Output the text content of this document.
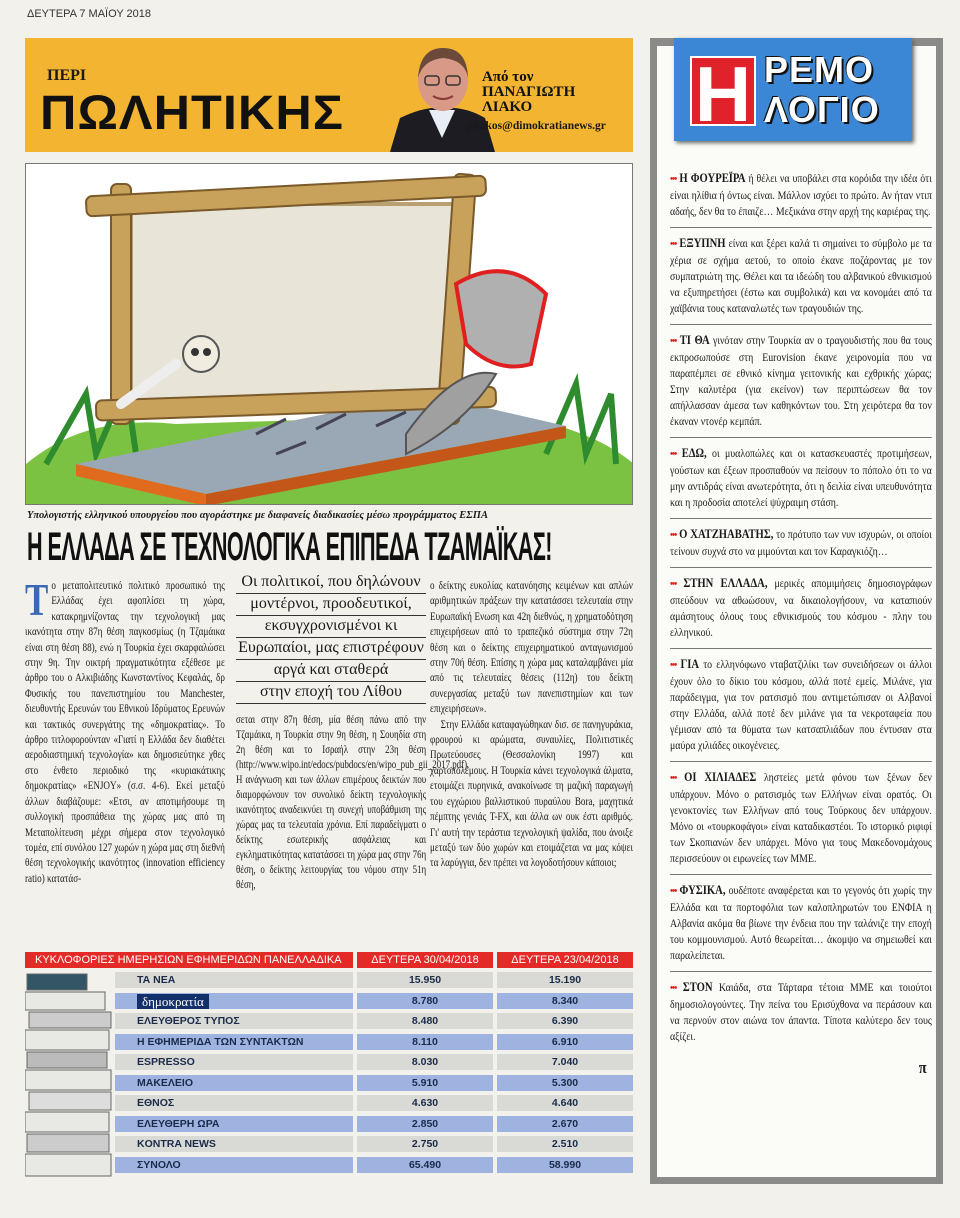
ΔΕΥΤΕΡΑ 7 ΜΑΪΟΥ 2018
ΠΕΡΙ
ΠΩΛΗΤΙΚΗΣ
Από τον
ΠΑΝΑΓΙΩΤΗ
ΛΙΑΚΟ
pliakos@dimokratianews.gr
Υπολογιστής ελληνικού υπουργείου που αγοράστηκε με διαφανείς διαδικασίες μέσω προγράμματος ΕΣΠΑ
Η ΕΛΛΑΔΑ ΣΕ ΤΕΧΝΟΛΟΓΙΚΑ ΕΠΙΠΕΔΑ ΤΖΑΜΑΪΚΑΣ!
Το μεταπολιτευτικό πολιτικό προσωπικό της Ελλάδας έχει αφοπλίσει τη χώρα, κατακρημνίζοντας την τεχνολογική μας ικανότητα στην 87η θέση παγκοσμίως (η Τζαμάικα είναι στη θέση 88), ενώ η Τουρκία έχει σκαρφαλώσει στην 9η. Την οικτρή πραγματικότητα εξέθεσε με άρθρο του ο Αλκιβιάδης Κωνσταντίνος Κεφαλάς, δρ Φυσικής του πανεπιστημίου του Manchester, διευθυντής Ερευνών του Εθνικού Ιδρύματος Ερευνών και τακτικός συνεργάτης της «δημοκρατίας». Το άρθρο τιτλοφορούνταν «Γιατί η Ελλάδα δεν διαθέτει αεροδιαστημική τεχνολογία» και δημοσιεύτηκε χθες στο ένθετο περιοδικό της «κυριακάτικης δημοκρατίας» «ENJOY» (σ.σ. 4-6). Εκεί μεταξύ άλλων διαβάζουμε: «Ετσι, αν αποτιμήσουμε τη συλλογική προσπάθεια της χώρας μας από τη Μεταπολίτευση μέχρι σήμερα στον τεχνολογικό τομέα, επί συνόλου 127 χωρών η χώρα μας στη διεθνή θέση τεχνολογικής ικανότητος (innovation efficiency ratio) κατατάσ-
Οι πολιτικοί, που δηλώνουν
μοντέρνοι, προοδευτικοί,
εκσυγχρονισμένοι κι
Ευρωπαίοι, μας επιστρέφουν
αργά και σταθερά
στην εποχή του Λίθου
σεται στην 87η θέση, μία θέση πάνω από την Τζαμάικα, η Τουρκία στην 9η θέση, η Σουηδία στη 2η θέση και το Ισραήλ στην 23η θέση (http://www.wipo.int/edocs/pubdocs/en/wipo_pub_gii_2017.pdf). Η ανάγνωση και των άλλων επιμέρους δεικτών που διαμορφώνουν τον συνολικό δείκτη τεχνολογικής ικανότητος αναδεικνύει τη συνεχή υποβάθμιση της χώρας μας τα τελευταία χρόνια. Επί παραδείγματι ο δείκτης εσωτερικής ασφάλειας και εγκληματικότητας κατατάσσει τη χώρα μας στην 76η θέση, ο δείκτης λειτουργίας του νόμου στην 51η θέση,

ο δείκτης ευκολίας κατανόησης κειμένων και απλών αριθμητικών πράξεων την κατατάσσει τελευταία στην Ευρωπαϊκή Ενωση και 42η διεθνώς, η χρηματοδότηση επιχειρήσεων από το τραπεζικό σύστημα στην 72η θέση και ο δείκτης επιχειρηματικού ανταγωνισμού στην 70ή θέση. Επίσης η χώρα μας καταλαμβάνει μία από τις τελευταίες θέσεις (112η) του δείκτη συνεργασίας μεταξύ των πανεπιστημίων και των επιχειρήσεων».

Στην Ελλάδα καταφαγώθηκαν δισ. σε πανηγυράκια, φρουρού κι αρώματα, συναυλίες, Πολιτιστικές Πρωτεύουσες (Θεσσαλονίκη 1997) και χαρτοπολέμους. Η Τουρκία κάνει τεχνολογικά άλματα, ετοιμάζει πυρηνικά, ανακοίνωσε τη μαζική παραγωγή του εγχώριου βαλλιστικού πυραύλου Bora, μαχητικά πέμπτης γενιάς T-FX, και άλλα ων ουκ έστι αριθμός. Γι' αυτή την τεράστια τεχνολογική ψαλίδα, που άνοιξε μεταξύ των δύο χωρών και ετοιμάζεται να μας κόψει τα λαρύγγια, δεν πρέπει να λογοδοτήσουν κάποιοι;

ΚΥΚΛΟΦΟΡΙΕΣ ΗΜΕΡΗΣΙΩΝ ΕΦΗΜΕΡΙΔΩΝ ΠΑΝΕΛΛΑΔΙΚΑ	ΔΕΥΤΕΡΑ 30/04/2018	ΔΕΥΤΕΡΑ 23/04/2018
ΤΑ ΝΕΑ	15.950	15.190
δημοκρατία	8.780	8.340
ΕΛΕΥΘΕΡΟΣ ΤΥΠΟΣ	8.480	6.390
Η ΕΦΗΜΕΡΙΔΑ ΤΩΝ ΣΥΝΤΑΚΤΩΝ	8.110	6.910
ESPRESSO	8.030	7.040
ΜΑΚΕΛΕΙΟ	5.910	5.300
ΕΘΝΟΣ	4.630	4.640
ΕΛΕΥΘΕΡΗ ΩΡΑ	2.850	2.670
KONTRA NEWS	2.750	2.510
ΣΥΝΟΛΟ	65.490	58.990
Η ΡΕΜΟ
ΛΟΓΙΟ
••• Η ΦΟΥΡΕΪΡΑ ή θέλει να υποβάλει στα κορόιδα την ιδέα ότι είναι ηλίθια ή όντως είναι. Μάλλον ισχύει το πρώτο. Αν ήταν ντιπ αδαής, δεν θα το έπαιζε… Μεξικάνα στην αρχή της καριέρας της.
••• ΕΞΥΠΝΗ είναι και ξέρει καλά τι σημαίνει το σύμβολο με τα χέρια σε σχήμα αετού, το οποίο έκανε ποζάροντας με τον συμπατριώτη της. Θέλει και τα ιδεώδη του αλβανικού εθνικισμού να εξυπηρετήσει (έστω και συμβολικά) και να κονομάει από τα χαϊβάνια τους καταναλωτές των τραγουδιών της.
••• ΤΙ ΘΑ γινόταν στην Τουρκία αν ο τραγουδιστής που θα τους εκπροσωπούσε στη Eurovision έκανε χειρονομία που να παραπέμπει σε εθνικό κίνημα γειτονικής και εχθρικής χώρας; Στην καλυτέρα (για εκείνον) των περιπτώσεων θα τον απήλλασσαν άμεσα των καθηκόντων του. Στη χειρότερα θα τον έκαναν ντονέρ κεμπάπ.
••• ΕΔΩ, οι μυαλοπώλες και οι κατασκευαστές προτιμήσεων, γούστων και έξεων προσπαθούν να πείσουν το πόπολο ότι το να μην αντιδράς είναι ανωτερότητα, ότι η δειλία είναι υπευθυνότητα και η προδοσία αποτελεί ψύχραιμη στάση.
••• Ο ΧΑΤΖΗΑΒΑΤΗΣ, το πρότυπο των νυν ισχυρών, οι οποίοι τείνουν συχνά στο να μιμούνται και τον Καραγκιόζη…
••• ΣΤΗΝ ΕΛΛΑΔΑ, μερικές απομιμήσεις δημοσιογράφων σπεύδουν να αθωώσουν, να δικαιολογήσουν, να καταπιούν αμάσητους όλους τους εθνικισμούς του κόσμου - πλην του ελληνικού.
••• ΓΙΑ το ελληνόφωνο νταβατζιλίκι των συνειδήσεων οι άλλοι έχουν όλο το δίκιο του κόσμου, αλλά ποτέ εμείς. Μιλάνε, για παράδειγμα, για τον ρατσισμό που αντιμετώπισαν οι Αλβανοί στην Ελλάδα, αλλά ποτέ δεν μιλάνε για τα νεκροταφεία που γέμισαν από τα θύματα των κατσαπλιάδων που έντυσαν στα μαύρα χιλιάδες οικογένειες.
••• ΟΙ ΧΙΛΙΑΔΕΣ ληστείες μετά φόνου των ξένων δεν υπάρχουν. Μόνο ο ρατσισμός των Ελλήνων είναι ορατός. Οι γενοκτονίες των Ελλήνων από τους Τούρκους δεν υπάρχουν. Μόνο οι «τουρκοφάγοι» είναι καταδικαστέοι. Το ιστορικό ριφιφί των Σκοπιανών δεν υπάρχει. Μόνο για τους Μακεδονομάχους περισσεύουν οι ειρωνείες των ΜΜΕ.
••• ΦΥΣΙΚΑ, ουδέποτε αναφέρεται και το γεγονός ότι χωρίς την Ελλάδα και τα πορτοφόλια των καλοπληρωτών του ΕΝΦΙΑ η Αλβανία ακόμα θα βίωνε την ένδεια που την ταλάνιζε την εποχή του κομμουνισμού. Αυτό θεωρείται… άκομψο να σημειωθεί και παραλείπεται.
••• ΣΤΟΝ Καιάδα, στα Τάρταρα τέτοια ΜΜΕ και τοιούτοι δημοσιολογούντες. Την πείνα του Ερισύχθονα να περάσουν και να περνούν στον αιώνα τον άπαντα. Τίποτα καλύτερο δεν τους αξίζει.
π
